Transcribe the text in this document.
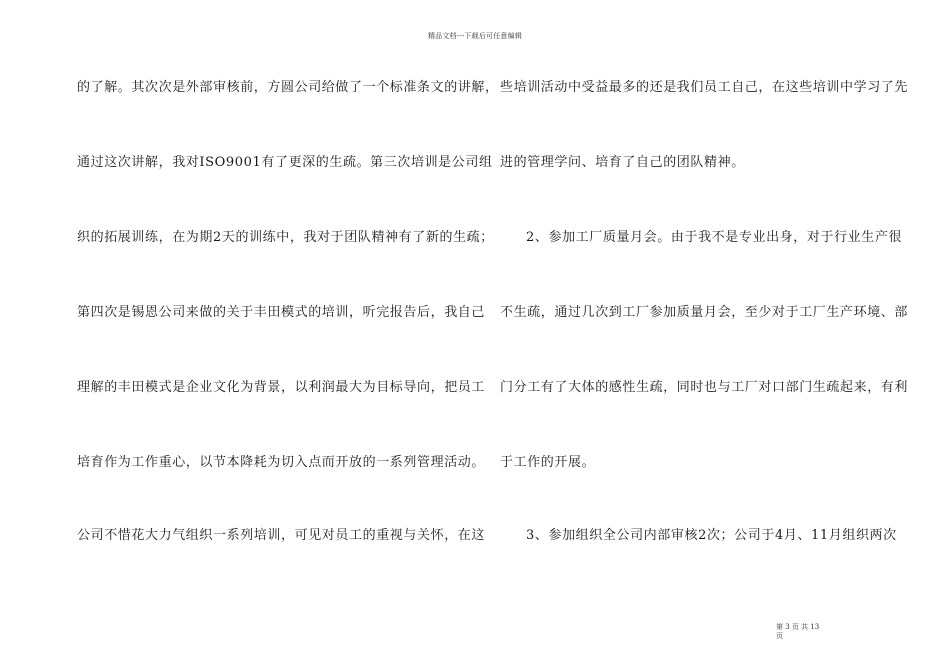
精品文档---下载后可任意编辑
的了解。其次次是外部审核前，方圆公司给做了一个标准条文的讲解，
通过这次讲解，我对ISO9001有了更深的生疏。第三次培训是公司组
织的拓展训练，在为期2天的训练中，我对于团队精神有了新的生疏；
第四次是锡恩公司来做的关于丰田模式的培训，听完报告后，我自己
理解的丰田模式是企业文化为背景，以利润最大为目标导向，把员工
培育作为工作重心，以节本降耗为切入点而开放的一系列管理活动。
公司不惜花大力气组织一系列培训，可见对员工的重视与关怀，在这
些培训活动中受益最多的还是我们员工自己，在这些培训中学习了先
进的管理学问、培育了自己的团队精神。
2、参加工厂质量月会。由于我不是专业出身，对于行业生产很
不生疏，通过几次到工厂参加质量月会，至少对于工厂生产环境、部
门分工有了大体的感性生疏，同时也与工厂对口部门生疏起来，有利
于工作的开展。
3、参加组织全公司内部审核2次；公司于4月、11月组织两次
第 3 页 共 13
页
